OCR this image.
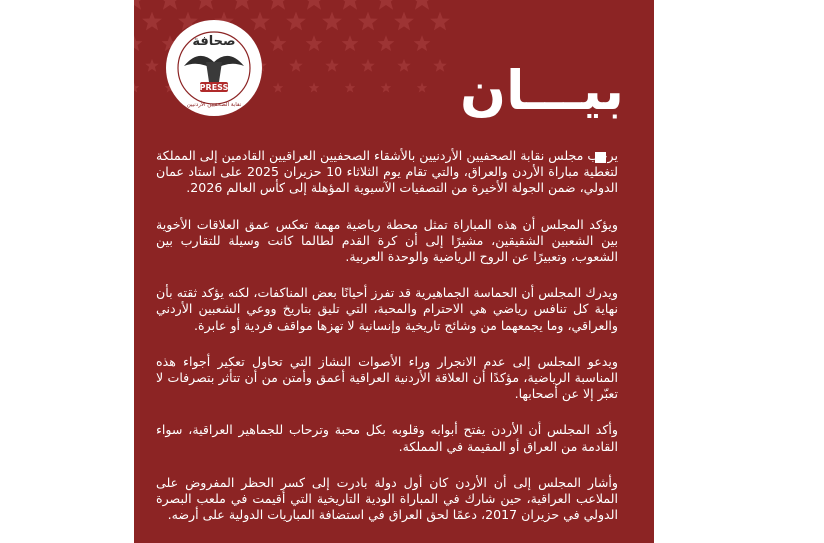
صحافة
PRESS
نقابة الصحفيين الأردنيين	بيـــان

يرحب مجلس نقابة الصحفيين الأردنيين بالأشقاء الصحفيين العراقيين القادمين إلى المملكة لتغطية مباراة الأردن والعراق، والتي تقام يوم الثلاثاء 10 حزيران 2025 على استاد عمان الدولي، ضمن الجولة الأخيرة من التصفيات الآسيوية المؤهلة إلى كأس العالم 2026.

ويؤكد المجلس أن هذه المباراة تمثل محطة رياضية مهمة تعكس عمق العلاقات الأخوية بين الشعبين الشقيقين، مشيرًا إلى أن كرة القدم لطالما كانت وسيلة للتقارب بين الشعوب، وتعبيرًا عن الروح الرياضية والوحدة العربية.

ويدرك المجلس أن الحماسة الجماهيرية قد تفرز أحيانًا بعض المناكفات، لكنه يؤكد ثقته بأن نهاية كل تنافس رياضي هي الاحترام والمحبة، التي تليق بتاريخ ووعي الشعبين الأردني والعراقي، وما يجمعهما من وشائج تاريخية وإنسانية لا تهزها مواقف فردية أو عابرة.

ويدعو المجلس إلى عدم الانجرار وراء الأصوات النشاز التي تحاول تعكير أجواء هذه المناسبة الرياضية، مؤكدًا أن العلاقة الأردنية العراقية أعمق وأمتن من أن تتأثر بتصرفات لا تعبّر إلا عن أصحابها.

وأكد المجلس أن الأردن يفتح أبوابه وقلوبه بكل محبة وترحاب للجماهير العراقية، سواء القادمة من العراق أو المقيمة في المملكة.

وأشار المجلس إلى أن الأردن كان أول دولة بادرت إلى كسر الحظر المفروض على الملاعب العراقية، حين شارك في المباراة الودية التاريخية التي أقيمت في ملعب البصرة الدولي في حزيران 2017، دعمًا لحق العراق في استضافة المباريات الدولية على أرضه.
